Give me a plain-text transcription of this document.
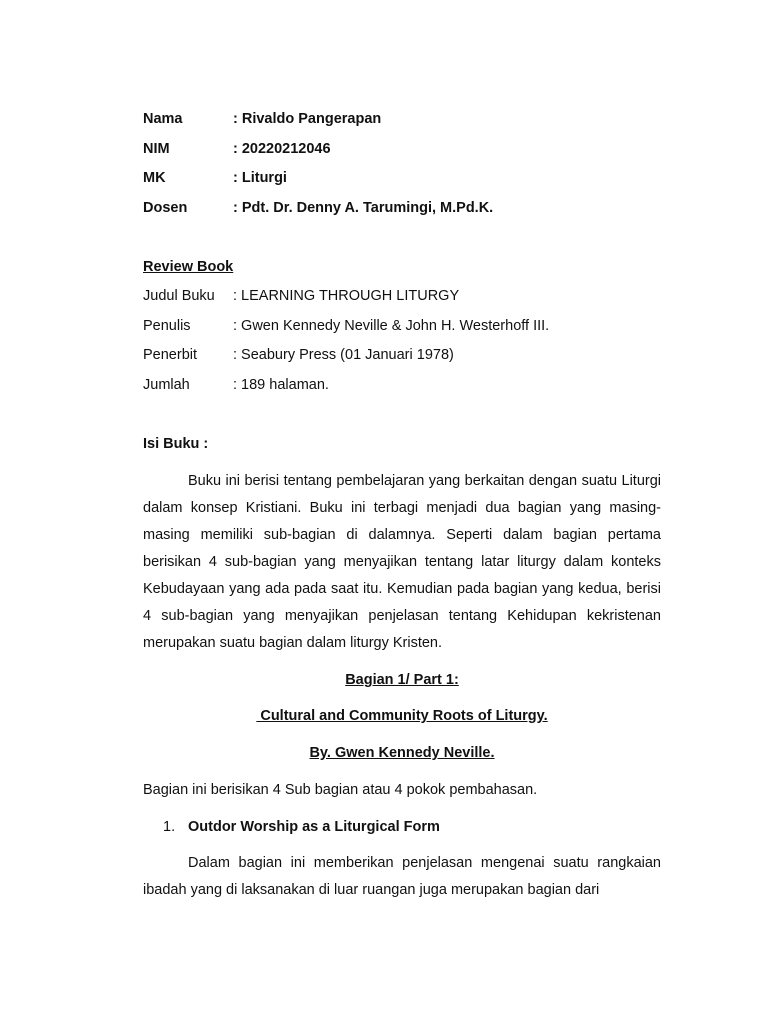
Nama	: Rivaldo Pangerapan
NIM	: 20220212046
MK	: Liturgi
Dosen	: Pdt. Dr. Denny A. Tarumingi, M.Pd.K.
Review Book
Judul Buku : LEARNING THROUGH LITURGY
Penulis	: Gwen Kennedy Neville & John H. Westerhoff III.
Penerbit : Seabury Press (01 Januari 1978)
Jumlah	: 189 halaman.
Isi Buku :

Buku ini berisi tentang pembelajaran yang berkaitan dengan suatu Liturgi dalam konsep Kristiani. Buku ini terbagi menjadi dua bagian yang masing-masing memiliki sub-bagian di dalamnya. Seperti dalam bagian pertama berisikan 4 sub-bagian yang menyajikan tentang latar liturgy dalam konteks Kebudayaan yang ada pada saat itu. Kemudian pada bagian yang kedua, berisi 4 sub-bagian yang menyajikan penjelasan tentang Kehidupan kekristenan merupakan suatu bagian dalam liturgy Kristen.

Bagian 1/ Part 1:
Cultural and Community Roots of Liturgy.
By. Gwen Kennedy Neville.
Bagian ini berisikan 4 Sub bagian atau 4 pokok pembahasan.
1. Outdor Worship as a Liturgical Form

Dalam bagian ini memberikan penjelasan mengenai suatu rangkaian ibadah yang di laksanakan di luar ruangan juga merupakan bagian dari
